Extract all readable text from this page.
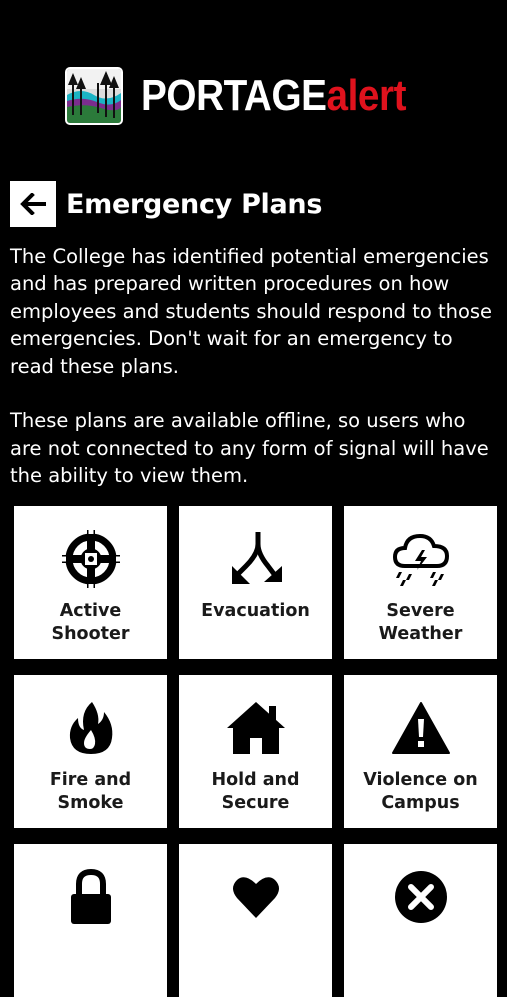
PORTAGE alert
Emergency Plans

The College has identified potential emergencies and has prepared written procedures on how employees and students should respond to those emergencies. Don't wait for an emergency to read these plans.

These plans are available offline, so users who are not connected to any form of signal will have the ability to view them.

Active Shooter
Evacuation	Severe Weather
Fire and Smoke
Hold and Secure
Violence on Campus
